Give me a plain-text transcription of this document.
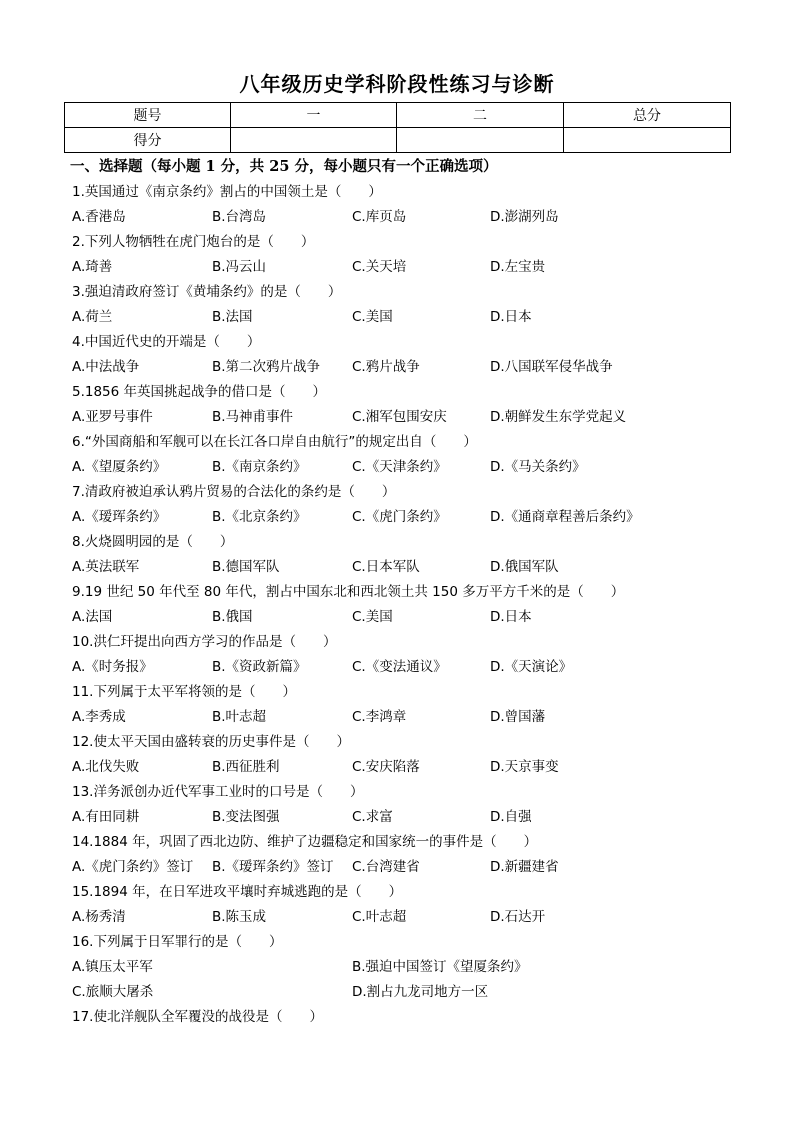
八年级历史学科阶段性练习与诊断
题号	一	二	总分
得分			
一、选择题（每小题 1 分，共 25 分，每小题只有一个正确选项）
1.英国通过《南京条约》割占的中国领土是（　　）
A.香港岛	B.台湾岛	C.库页岛	D.澎湖列岛
2.下列人物牺牲在虎门炮台的是（　　）
A.琦善	B.冯云山	C.关天培	D.左宝贵
3.强迫清政府签订《黄埔条约》的是（　　）
A.荷兰	B.法国	C.美国	D.日本
4.中国近代史的开端是（　　）
A.中法战争	B.第二次鸦片战争 C.鸦片战争	D.八国联军侵华战争
5.1856 年英国挑起战争的借口是（　　）
A.亚罗号事件	B.马神甫事件	C.湘军包围安庆	D.朝鲜发生东学党起义
6.“外国商船和军舰可以在长江各口岸自由航行”的规定出自（　　）
A.《望厦条约》	B.《南京条约》	C.《天津条约》	D.《马关条约》
7.清政府被迫承认鸦片贸易的合法化的条约是（　　）
A.《瑷珲条约》	B.《北京条约》	C.《虎门条约》	D.《通商章程善后条约》
8.火烧圆明园的是（　　）
A.英法联军	B.德国军队	C.日本军队	D.俄国军队
9.19 世纪 50 年代至 80 年代，割占中国东北和西北领土共 150 多万平方千米的是（　　）
A.法国	B.俄国	C.美国	D.日本
10.洪仁玕提出向西方学习的作品是（　　）
A.《时务报》	B.《资政新篇》	C.《变法通议》	D.《天演论》
11.下列属于太平军将领的是（　　）
A.李秀成	B.叶志超	C.李鸿章	D.曾国藩
12.使太平天国由盛转衰的历史事件是（　　）
A.北伐失败	B.西征胜利	C.安庆陷落	D.天京事变
13.洋务派创办近代军事工业时的口号是（　　）
A.有田同耕	B.变法图强	C.求富	D.自强
14.1884 年，巩固了西北边防、维护了边疆稳定和国家统一的事件是（　　）
A.《虎门条约》签订 B.《瑷珲条约》签订 C.台湾建省	D.新疆建省
15.1894 年，在日军进攻平壤时弃城逃跑的是（　　）
A.杨秀清	B.陈玉成	C.叶志超	D.石达开
16.下列属于日军罪行的是（　　）
A.镇压太平军	B.强迫中国签订《望厦条约》
C.旅顺大屠杀	D.割占九龙司地方一区
17.使北洋舰队全军覆没的战役是（　　）
